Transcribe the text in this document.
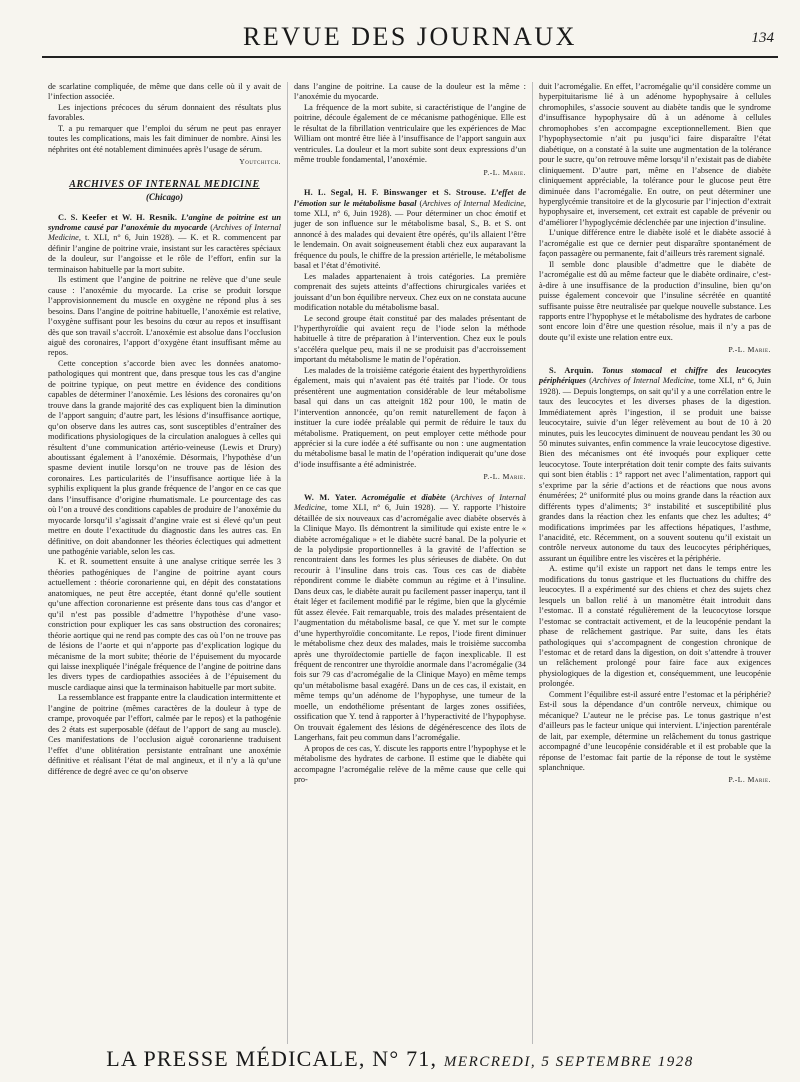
REVUE DES JOURNAUX	134

de scarlatine compliquée, de même que dans celle où il y avait de l’infection associée.

Les injections précoces du sérum donnaient des résultats plus favorables.

T. a pu remarquer que l’emploi du sérum ne peut pas enrayer toutes les complications, mais les fait diminuer de nombre. Ainsi les néphrites ont été notablement diminuées après l’usage de sérum.

Youtchitch.
ARCHIVES OF INTERNAL MEDICINE
(Chicago)

C. S. Keefer et W. H. Resnik. L’angine de poitrine est un syndrome causé par l’anoxémie du myocarde (Archives of Internal Medicine, t. XLI, n° 6, Juin 1928). — K. et R. commencent par définir l’angine de poitrine vraie, insistant sur les caractères spéciaux de la douleur, sur l’angoisse et le rôle de l’effort, enfin sur la terminaison habituelle par la mort subite.

Ils estiment que l’angine de poitrine ne relève que d’une seule cause : l’anoxémie du myocarde. La crise se produit lorsque l’approvisionnement du muscle en oxygène ne répond plus à ses besoins. Dans l’angine de poitrine habituelle, l’anoxémie est relative, l’oxygène suffisant pour les besoins du cœur au repos et insuffisant dès que son travail s’accroît. L’anoxémie est absolue dans l’occlusion aiguë des coronaires, l’apport d’oxygène étant insuffisant même au repos.

Cette conception s’accorde bien avec les données anatomo-pathologiques qui montrent que, dans presque tous les cas d’angine de poitrine typique, on peut mettre en évidence des conditions capables de déterminer l’anoxémie. Les lésions des coronaires qu’on trouve dans la grande majorité des cas expliquent bien la diminution de l’apport sanguin; d’autre part, les lésions d’insuffisance aortique, qu’on observe dans les autres cas, sont susceptibles d’entraîner des modifications physiologiques de la circulation analogues à celles qui résultent d’une communication artério-veineuse (Lewis et Drury) aboutissant également à l’anoxémie. Désormais, l’hypothèse d’un spasme devient inutile lorsqu’on ne trouve pas de lésion des coronaires. Les particularités de l’insuffisance aortique liée à la syphilis expliquent la plus grande fréquence de l’angor en ce cas que dans l’insuffisance d’origine rhumatismale. Le pourcentage des cas où l’on a trouvé des conditions capables de produire de l’anoxémie du myocarde lorsqu’il s’agissait d’angine vraie est si élevé qu’un peut mettre en doute l’exactitude du diagnostic dans les autres cas. En définitive, on doit abandonner les théories éclectiques qui admettent une pathogénie variable, selon les cas.

K. et R. soumettent ensuite à une analyse critique serrée les 3 théories pathogéniques de l’angine de poitrine ayant cours actuellement : théorie coronarienne qui, en dépit des constatations anatomiques, ne peut être acceptée, étant donné qu’elle soutient qu’une affection coronarienne est présente dans tous cas d’angor et qu’il n’est pas possible d’admettre l’hypothèse d’une vaso-constriction pour expliquer les cas sans obstruction des coronaires; théorie aortique qui ne rend pas compte des cas où l’on ne trouve pas de lésions de l’aorte et qui n’apporte pas d’explication logique du mécanisme de la mort subite; théorie de l’épuisement du myocarde qui laisse inexpliquée l’inégale fréquence de l’angine de poitrine dans les divers types de cardiopathies associées à de l’épuisement du muscle cardiaque ainsi que la terminaison habituelle par mort subite.

La ressemblance est frappante entre la claudication intermittente et l’angine de poitrine (mêmes caractères de la douleur à type de crampe, provoquée par l’effort, calmée par le repos) et la pathogénie des 2 états est superposable (défaut de l’apport de sang au muscle). Ces manifestations de l’occlusion aiguë coronarienne traduisent l’effet d’une oblitération persistante entraînant une anoxémie définitive et réalisant l’état de mal angineux, et il n’y a là qu’une différence de degré avec ce qu’on observe

dans l’angine de poitrine. La cause de la douleur est la même : l’anoxémie du myocarde.

La fréquence de la mort subite, si caractéristique de l’angine de poitrine, découle également de ce mécanisme pathogénique. Elle est le résultat de la fibrillation ventriculaire que les expériences de Mac William ont montré être liée à l’insuffisance de l’apport sanguin aux ventricules. La douleur et la mort subite sont deux expressions d’un même trouble fondamental, l’anoxémie.

P.-L. Marie.

H. L. Segal, H. F. Binswanger et S. Strouse. L’effet de l’émotion sur le métabolisme basal (Archives of Internal Medicine, tome XLI, n° 6, Juin 1928). — Pour déterminer un choc émotif et juger de son influence sur le métabolisme basal, S., B. et S. ont annoncé à des malades qui devaient être opérés, qu’ils allaient l’être le lendemain. On avait soigneusement établi chez eux auparavant la fréquence du pouls, le chiffre de la pression artérielle, le métabolisme basal et l’état d’émotivité.

Les malades appartenaient à trois catégories. La première comprenait des sujets atteints d’affections chirurgicales variées et jouissant d’un bon équilibre nerveux. Chez eux on ne constata aucune modification notable du métabolisme basal.

Le second groupe était constitué par des malades présentant de l’hyperthyroïdie qui avaient reçu de l’iode selon la méthode habituelle à titre de préparation à l’intervention. Chez eux le pouls s’accéléra quelque peu, mais il ne se produisit pas d’accroissement important du métabolisme le matin de l’opération.

Les malades de la troisième catégorie étaient des hyperthyroïdiens également, mais qui n’avaient pas été traités par l’iode. Or tous présentèrent une augmentation considérable de leur métabolisme basal qui dans un cas atteignit 182 pour 100, le matin de l’intervention annoncée, qu’on remit naturellement de façon à instituer la cure iodée préalable qui permit de réduire le taux du métabolisme. Pratiquement, on peut employer cette méthode pour apprécier si la cure iodée a été suffisante ou non : une augmentation du métabolisme basal le matin de l’opération indiquerait qu’une dose d’iode insuffisante a été administrée.

P.-L. Marie.

W. M. Yater. Acromégalie et diabète (Archives of Internal Medicine, tome XLI, n° 6, Juin 1928). — Y. rapporte l’histoire détaillée de six nouveaux cas d’acromégalie avec diabète observés à la Clinique Mayo. Ils démontrent la similitude qui existe entre le « diabète acromégalique » et le diabète sucré banal. De la polyurie et de la polydipsie proportionnelles à la gravité de l’affection se rencontraient dans les formes les plus sérieuses de diabète. On dut recourir à l’insuline dans trois cas. Tous ces cas de diabète répondirent comme le diabète commun au régime et à l’insuline. Dans deux cas, le diabète aurait pu facilement passer inaperçu, tant il était léger et facilement modifié par le régime, bien que la glycémie fût assez élevée. Fait remarquable, trois des malades présentaient de l’augmentation du métabolisme basal, ce que Y. met sur le compte d’une hyperthyroïdie concomitante. Le repos, l’iode firent diminuer le métabolisme chez deux des malades, mais le troisième succomba après une thyroïdectomie partielle de façon inexplicable. Il est fréquent de rencontrer une thyroïdie anormale dans l’acromégalie (34 fois sur 79 cas d’acromégalie de la Clinique Mayo) en même temps qu’un métabolisme basal exagéré. Dans un de ces cas, il existait, en même temps qu’un adénome de l’hypophyse, une tumeur de la moelle, un endothéliome présentant de larges zones ossifiées, ossification que Y. tend à rapporter à l’hyperactivité de l’hypophyse. On trouvait également des lésions de dégénérescence des îlots de Langerhans, fait peu commun dans l’acromégalie.

A propos de ces cas, Y. discute les rapports entre l’hypophyse et le métabolisme des hydrates de carbone. Il estime que le diabète qui accompagne l’acromégalie relève de la même cause que celle qui pro-

duit l’acromégalie. En effet, l’acromégalie qu’il considère comme un hyperpituitarisme lié à un adénome hypophysaire à cellules chromophiles, s’associe souvent au diabète tandis que le syndrome d’insuffisance hypophysaire dû à un adénome à cellules chromophobes s’en accompagne exceptionnellement. Bien que l’hypophysectomie n’ait pu jusqu’ici faire disparaître l’état diabétique, on a constaté à la suite une augmentation de la tolérance pour le sucre, qu’on retrouve même lorsqu’il n’existait pas de diabète cliniquement. D’autre part, même en l’absence de diabète cliniquement appréciable, la tolérance pour le glucose peut être diminuée dans l’acromégalie. En outre, on peut déterminer une hyperglycémie transitoire et de la glycosurie par l’injection d’extrait hypophysaire et, inversement, cet extrait est capable de prévenir ou d’améliorer l’hypoglycémie déclenchée par une injection d’insuline.

L’unique différence entre le diabète isolé et le diabète associé à l’acromégalie est que ce dernier peut disparaître spontanément de façon passagère ou permanente, fait d’ailleurs très rarement signalé.

Il semble donc plausible d’admettre que le diabète de l’acromégalie est dû au même facteur que le diabète ordinaire, c’est-à-dire à une insuffisance de la production d’insuline, bien qu’on puisse également concevoir que l’insuline sécrétée en quantité suffisante puisse être neutralisée par quelque nouvelle substance. Les rapports entre l’hypophyse et le métabolisme des hydrates de carbone sont encore loin d’être une question résolue, mais il n’y a pas de doute qu’il existe une relation entre eux.

P.-L. Marie.

S. Arquin. Tonus stomacal et chiffre des leucocytes périphériques (Archives of Internal Medicine, tome XLI, n° 6, Juin 1928). — Depuis longtemps, on sait qu’il y a une corrélation entre le taux des leucocytes et les diverses phases de la digestion. Immédiatement après l’ingestion, il se produit une baisse leucocytaire, suivie d’un léger relèvement au bout de 10 à 20 minutes, puis les leucocytes diminuent de nouveau pendant les 30 ou 50 minutes suivantes, enfin commence la vraie leucocytose digestive. Bien des mécanismes ont été invoqués pour expliquer cette leucocytose. Toute interprétation doit tenir compte des faits suivants qui sont bien établis : 1° rapport net avec l’alimentation, rapport qui s’exprime par la série d’actions et de réactions que nous avons énumérées; 2° uniformité plus ou moins grande dans la réaction aux différents types d’aliments; 3° instabilité et susceptibilité plus grandes dans la réaction chez les enfants que chez les adultes; 4° modifications imprimées par les affections hépatiques, l’asthme, l’anacidité, etc. Récemment, on a souvent soutenu qu’il existait un contrôle nerveux autonome du taux des leucocytes périphériques, assurant un équilibre entre les viscères et la périphérie.

A. estime qu’il existe un rapport net dans le temps entre les modifications du tonus gastrique et les fluctuations du chiffre des leucocytes. Il a expérimenté sur des chiens et chez des sujets chez lesquels un ballon relié à un manomètre était introduit dans l’estomac. Il a constaté régulièrement de la leucocytose lorsque l’estomac se contractait activement, et de la leucopénie pendant la phase de relâchement gastrique. Par suite, dans les états pathologiques qui s’accompagnent de congestion chronique de l’estomac et de retard dans la digestion, on doit s’attendre à trouver un relâchement prolongé pour faire face aux exigences physiologiques de la digestion et, conséquemment, une leucopénie prolongée.

Comment l’équilibre est-il assuré entre l’estomac et la périphérie? Est-il sous la dépendance d’un contrôle nerveux, chimique ou mécanique? L’auteur ne le précise pas. Le tonus gastrique n’est d’ailleurs pas le facteur unique qui intervient. L’injection parentérale de lait, par exemple, détermine un relâchement du tonus gastrique accompagné d’une leucopénie considérable et il est probable que la réponse de l’estomac fait partie de la réponse de tout le système splanchnique.

P.-L. Marie.
LA PRESSE MÉDICALE, N° 71, MERCREDI, 5 SEPTEMBRE 1928
